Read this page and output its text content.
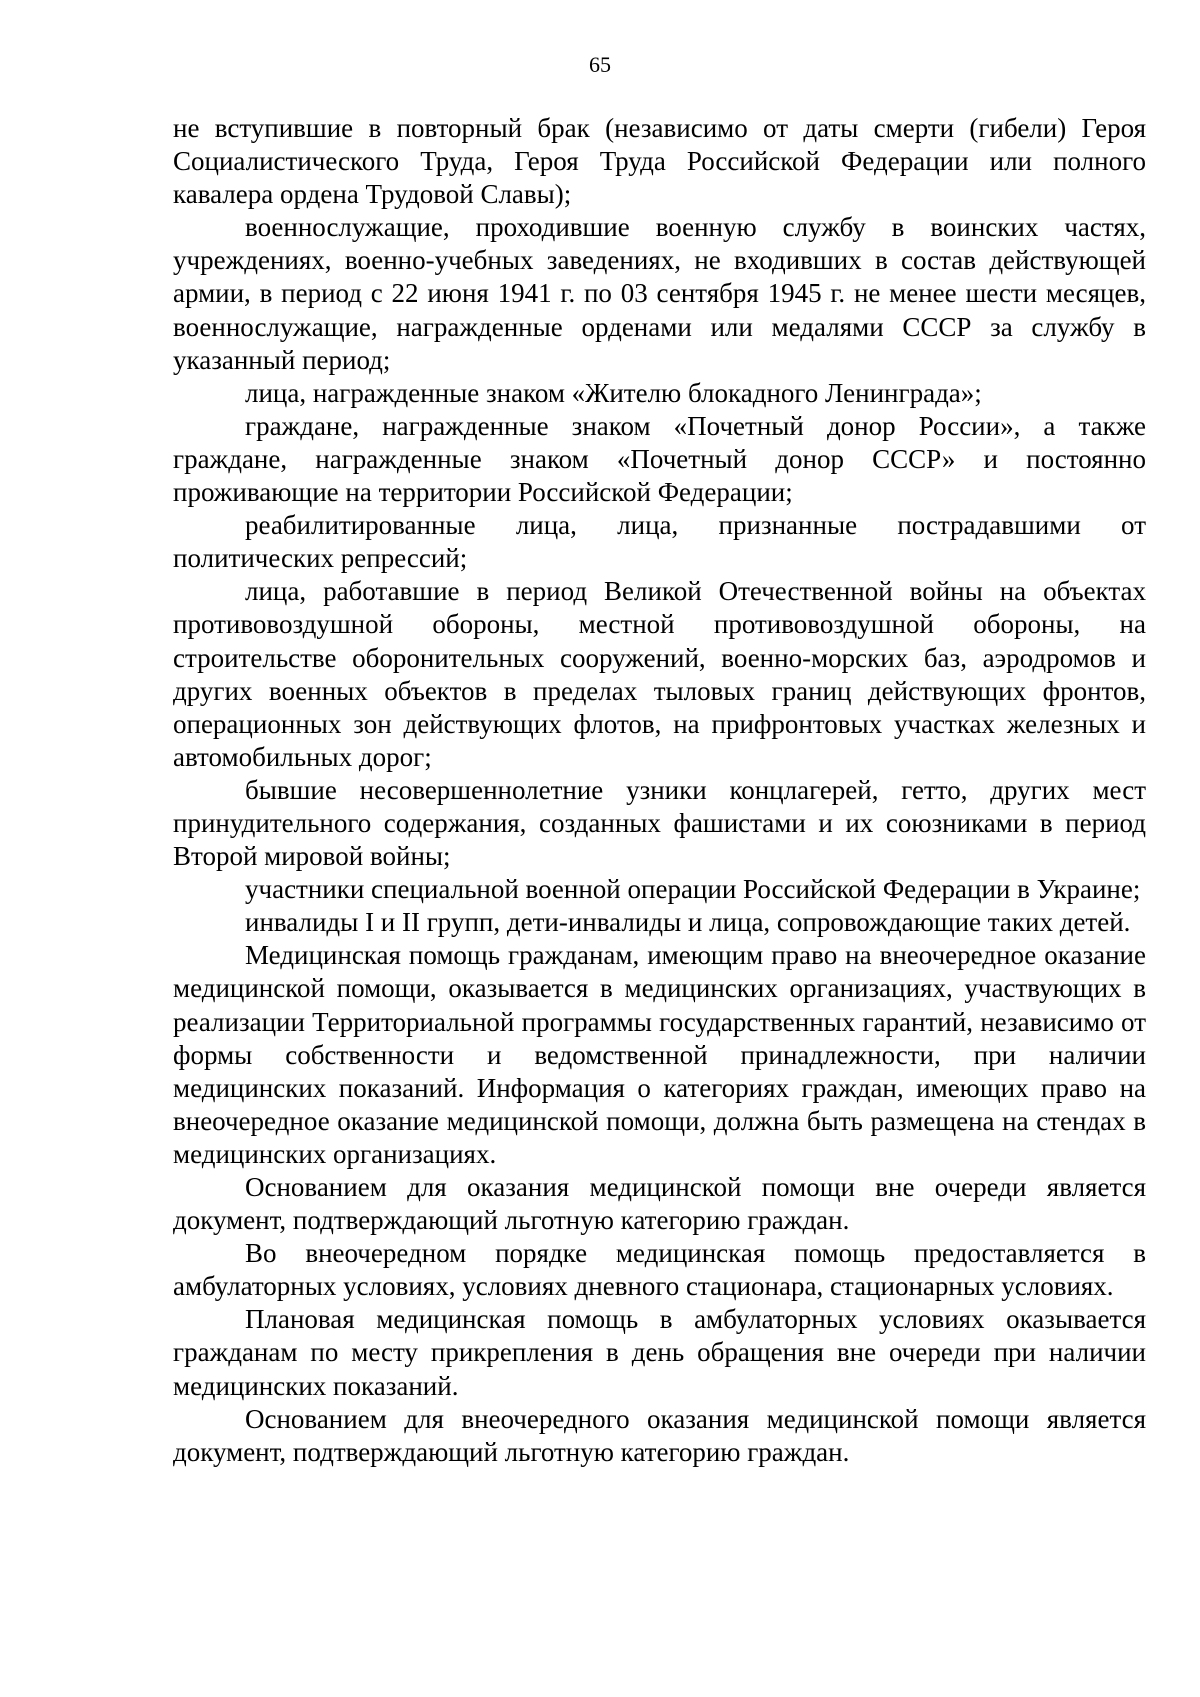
65

не вступившие в повторный брак (независимо от даты смерти (гибели) Героя Социалистического Труда, Героя Труда Российской Федерации или полного кавалера ордена Трудовой Славы);

военнослужащие, проходившие военную службу в воинских частях, учреждениях, военно-учебных заведениях, не входивших в состав действующей армии, в период с 22 июня 1941 г. по 03 сентября 1945 г. не менее шести месяцев, военнослужащие, награжденные орденами или медалями СССР за службу в указанный период;

лица, награжденные знаком «Жителю блокадного Ленинграда»;

граждане, награжденные знаком «Почетный донор России», а также граждане, награжденные знаком «Почетный донор СССР» и постоянно проживающие на территории Российской Федерации;

реабилитированные лица, лица, признанные пострадавшими от политических репрессий;

лица, работавшие в период Великой Отечественной войны на объектах противовоздушной обороны, местной противовоздушной обороны, на строительстве оборонительных сооружений, военно-морских баз, аэродромов и других военных объектов в пределах тыловых границ действующих фронтов, операционных зон действующих флотов, на прифронтовых участках железных и автомобильных дорог;

бывшие несовершеннолетние узники концлагерей, гетто, других мест принудительного содержания, созданных фашистами и их союзниками в период Второй мировой войны;

участники специальной военной операции Российской Федерации в Украине;

инвалиды I и II групп, дети-инвалиды и лица, сопровождающие таких детей.

Медицинская помощь гражданам, имеющим право на внеочередное оказание медицинской помощи, оказывается в медицинских организациях, участвующих в реализации Территориальной программы государственных гарантий, независимо от формы собственности и ведомственной принадлежности, при наличии медицинских показаний. Информация о категориях граждан, имеющих право на внеочередное оказание медицинской помощи, должна быть размещена на стендах в медицинских организациях.

Основанием для оказания медицинской помощи вне очереди является документ, подтверждающий льготную категорию граждан.

Во внеочередном порядке медицинская помощь предоставляется в амбулаторных условиях, условиях дневного стационара, стационарных условиях.

Плановая медицинская помощь в амбулаторных условиях оказывается гражданам по месту прикрепления в день обращения вне очереди при наличии медицинских показаний.

Основанием для внеочередного оказания медицинской помощи является документ, подтверждающий льготную категорию граждан.
